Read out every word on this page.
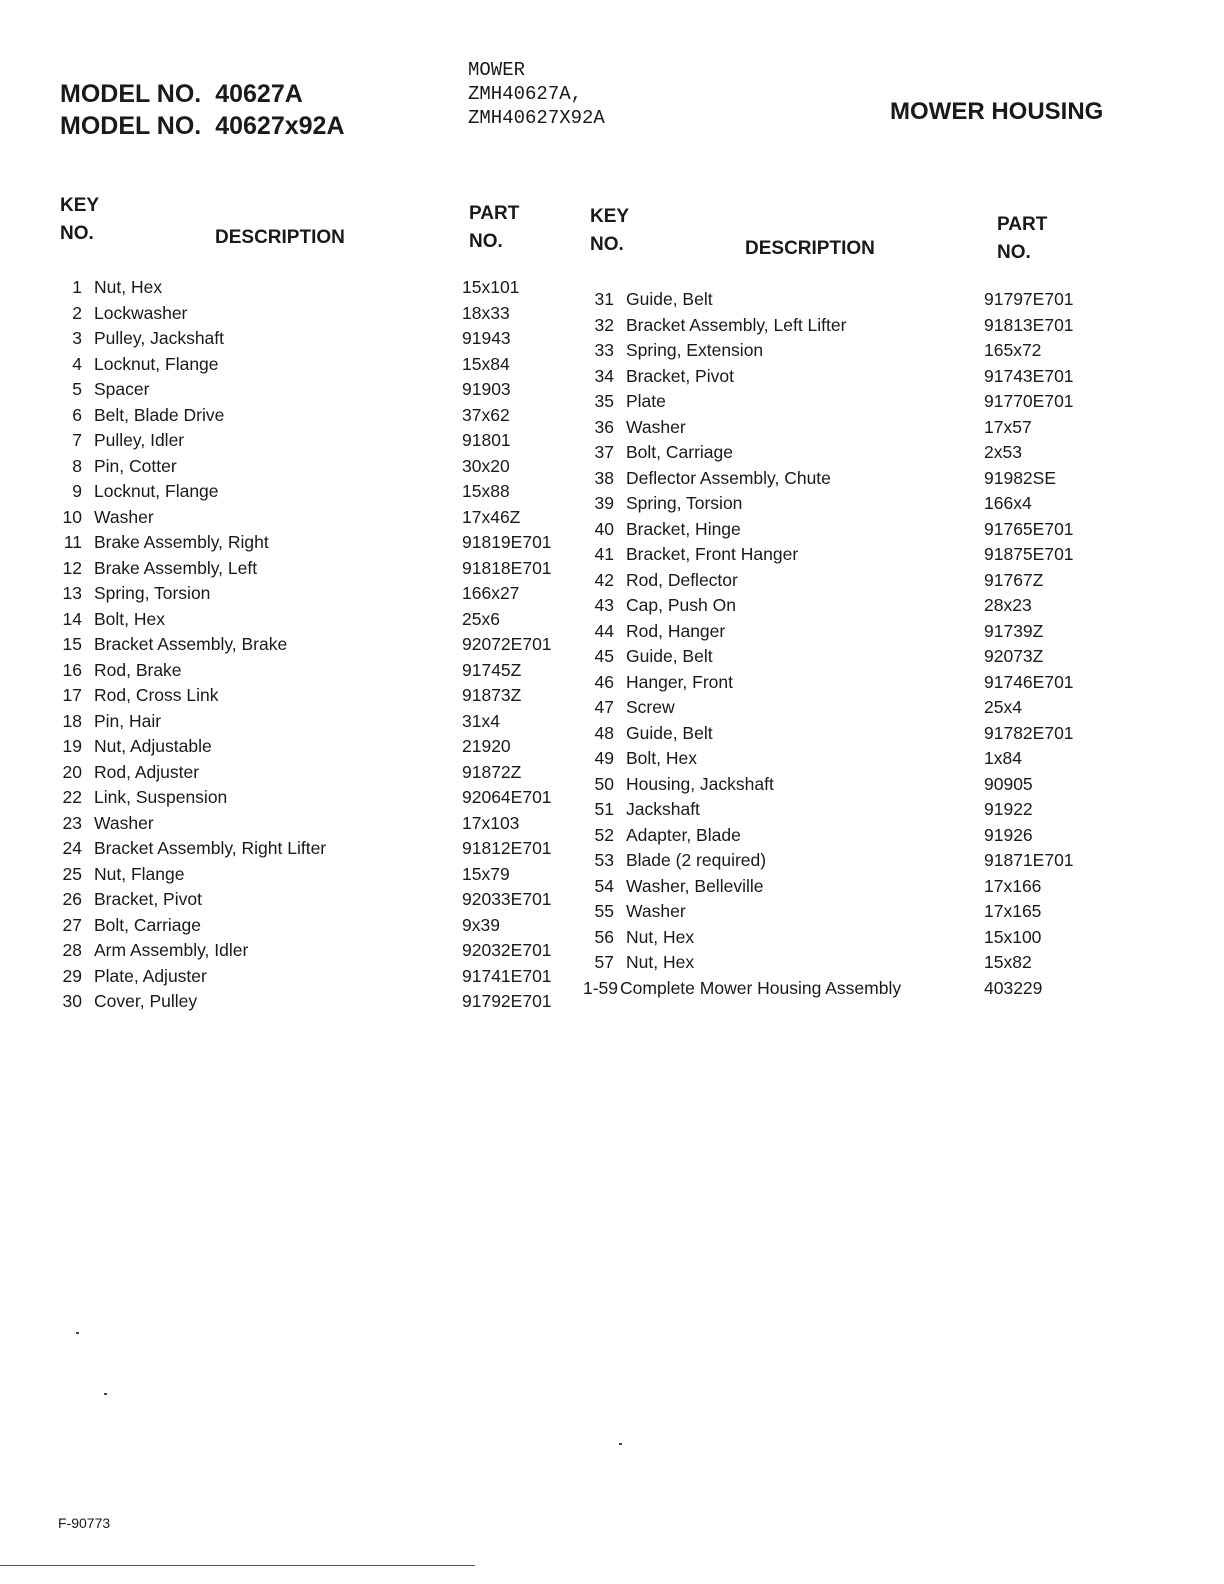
MODEL NO. 40627A
MODEL NO. 40627x92A
MOWER
ZMH40627A,
ZMH40627X92A	MOWER HOUSING
KEY
NO.	DESCRIPTION
PART
NO.
KEY
NO.	DESCRIPTION
PART
NO.
1 Nut, Hex	15x101
2 Lockwasher	18x33
3 Pulley, Jackshaft	91943
4 Locknut, Flange	15x84
5 Spacer	91903
6 Belt, Blade Drive	37x62
7 Pulley, Idler	91801
8 Pin, Cotter	30x20
9 Locknut, Flange	15x88
10 Washer	17x46Z
11 Brake Assembly, Right	91819E701
12 Brake Assembly, Left	91818E701
13 Spring, Torsion	166x27
14 Bolt, Hex	25x6
15 Bracket Assembly, Brake	92072E701
16 Rod, Brake	91745Z
17 Rod, Cross Link	91873Z
18 Pin, Hair	31x4
19 Nut, Adjustable	21920
20 Rod, Adjuster	91872Z
22 Link, Suspension	92064E701
23 Washer	17x103
24 Bracket Assembly, Right Lifter	91812E701
25 Nut, Flange	15x79
26 Bracket, Pivot	92033E701
27 Bolt, Carriage	9x39
28 Arm Assembly, Idler	92032E701
29 Plate, Adjuster	91741E701
30 Cover, Pulley	91792E701
31 Guide, Belt	91797E701
32 Bracket Assembly, Left Lifter	91813E701
33 Spring, Extension	165x72
34 Bracket, Pivot	91743E701
35 Plate	91770E701
36 Washer	17x57
37 Bolt, Carriage	2x53
38 Deflector Assembly, Chute	91982SE
39 Spring, Torsion	166x4
40 Bracket, Hinge	91765E701
41 Bracket, Front Hanger	91875E701
42 Rod, Deflector	91767Z
43 Cap, Push On	28x23
44 Rod, Hanger	91739Z
45 Guide, Belt	92073Z
46 Hanger, Front	91746E701
47 Screw	25x4
48 Guide, Belt	91782E701
49 Bolt, Hex	1x84
50 Housing, Jackshaft	90905
51 Jackshaft	91922
52 Adapter, Blade	91926
53 Blade (2 required)	91871E701
54 Washer, Belleville	17x166
55 Washer	17x165
56 Nut, Hex	15x100
57 Nut, Hex	15x82
1-59 Complete Mower Housing Assembly	403229
F-90773
